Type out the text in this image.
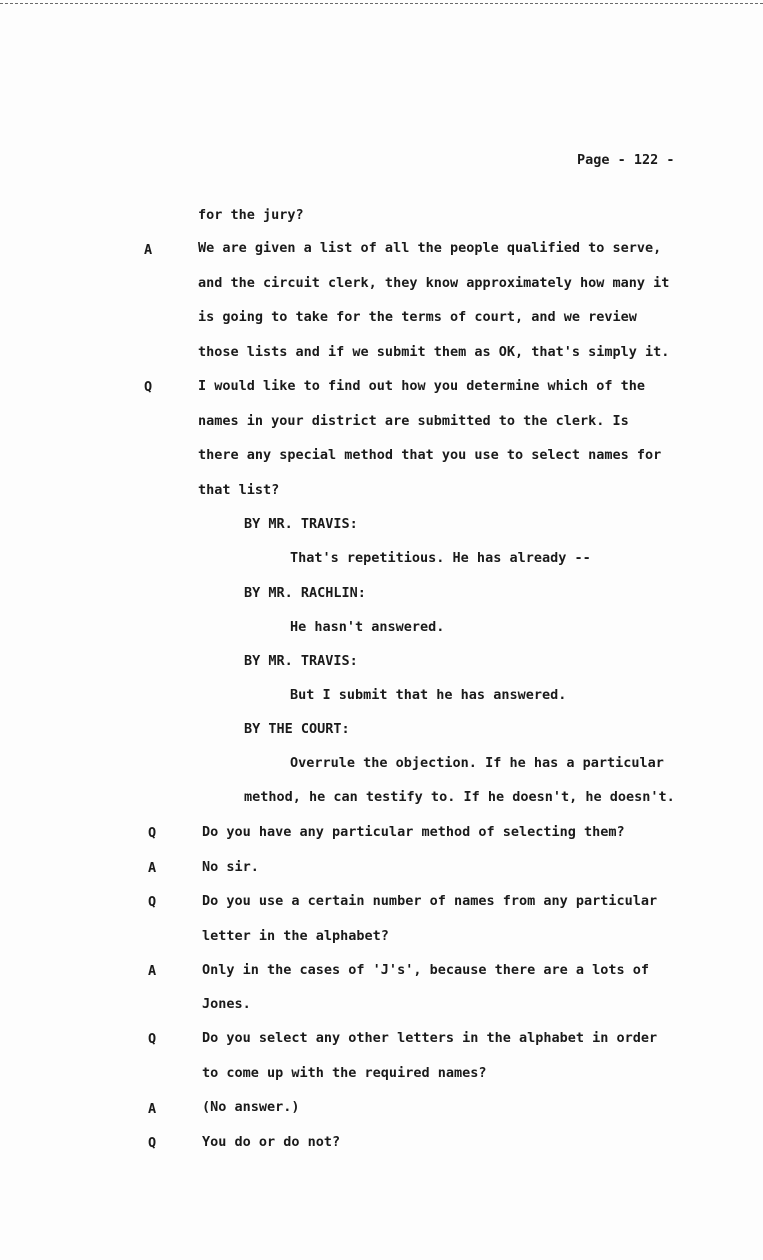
Page - 122 -
for the jury?
A	We are given a list of all the people qualified to serve,
and the circuit clerk, they know approximately how many it
is going to take for the terms of court, and we review
those lists and if we submit them as OK, that's simply it.
Q	I would like to find out how you determine which of the
names in your district are submitted to the clerk. Is
there any special method that you use to select names for
that list?
BY MR. TRAVIS:
That's repetitious. He has already --
BY MR. RACHLIN:
He hasn't answered.
BY MR. TRAVIS:
But I submit that he has answered.
BY THE COURT:
Overrule the objection. If he has a particular
method, he can testify to. If he doesn't, he doesn't.
Q	Do you have any particular method of selecting them?
A	No sir.
Q	Do you use a certain number of names from any particular
letter in the alphabet?
A	Only in the cases of 'J's', because there are a lots of
Jones.
Q	Do you select any other letters in the alphabet in order
to come up with the required names?
A	(No answer.)
Q	You do or do not?
